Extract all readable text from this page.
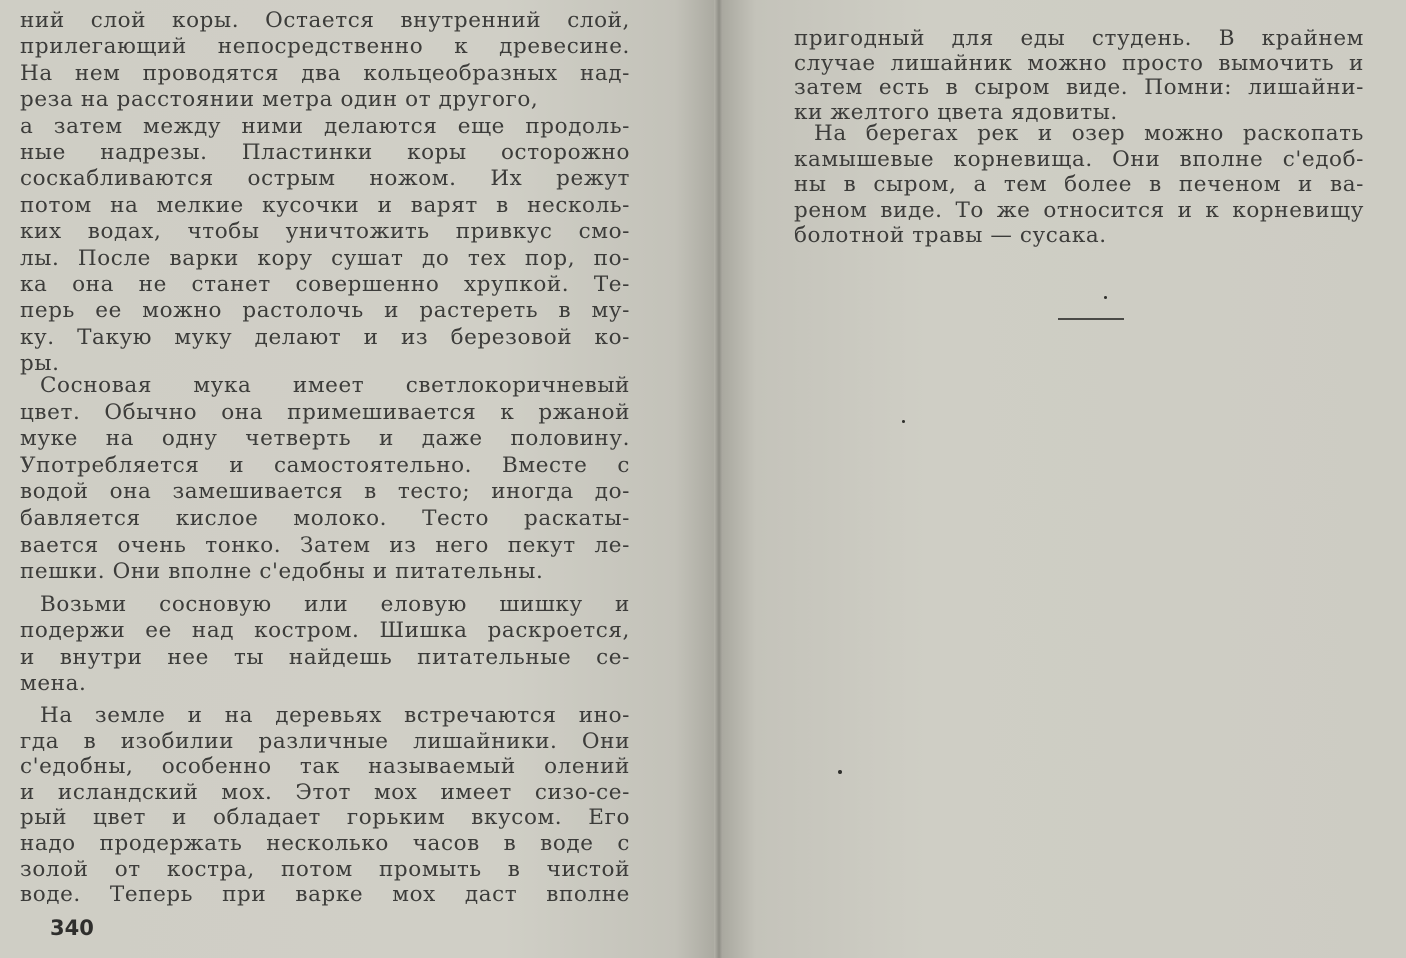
ний слой коры. Остается внутренний слой,
прилегающий непосредственно к древесине.
На нем проводятся два кольцеобразных над-
реза на расстоянии метра один от другого,
а затем между ними делаются еще продоль-
ные надрезы. Пластинки коры осторожно
соскабливаются острым ножом. Их режут
потом на мелкие кусочки и варят в несколь-
ких водах, чтобы уничтожить привкус смо-
лы. После варки кору сушат до тех пор, по-
ка она не станет совершенно хрупкой. Те-
перь ее можно растолочь и растереть в му-
ку. Такую муку делают и из березовой ко-
ры.
Сосновая мука имеет светлокоричневый
цвет. Обычно она примешивается к ржаной
муке на одну четверть и даже половину.
Употребляется и самостоятельно. Вместе с
водой она замешивается в тесто; иногда до-
бавляется кислое молоко. Тесто раскаты-
вается очень тонко. Затем из него пекут ле-
пешки. Они вполне с'едобны и питательны.
Возьми сосновую или еловую шишку и
подержи ее над костром. Шишка раскроется,
и внутри нее ты найдешь питательные се-
мена.
На земле и на деревьях встречаются ино-
гда в изобилии различные лишайники. Они
с'едобны, особенно так называемый олений
и исландский мох. Этот мох имеет сизо-се-
рый цвет и обладает горьким вкусом. Его
надо продержать несколько часов в воде с
золой от костра, потом промыть в чистой
воде. Теперь при варке мох даст вполне
340
пригодный для еды студень. В крайнем
случае лишайник можно просто вымочить и
затем есть в сыром виде. Помни: лишайни-
ки желтого цвета ядовиты.
На берегах рек и озер можно раскопать
камышевые корневища. Они вполне с'едоб-
ны в сыром, а тем более в печеном и ва-
реном виде. То же относится и к корневищу
болотной травы — сусака.
